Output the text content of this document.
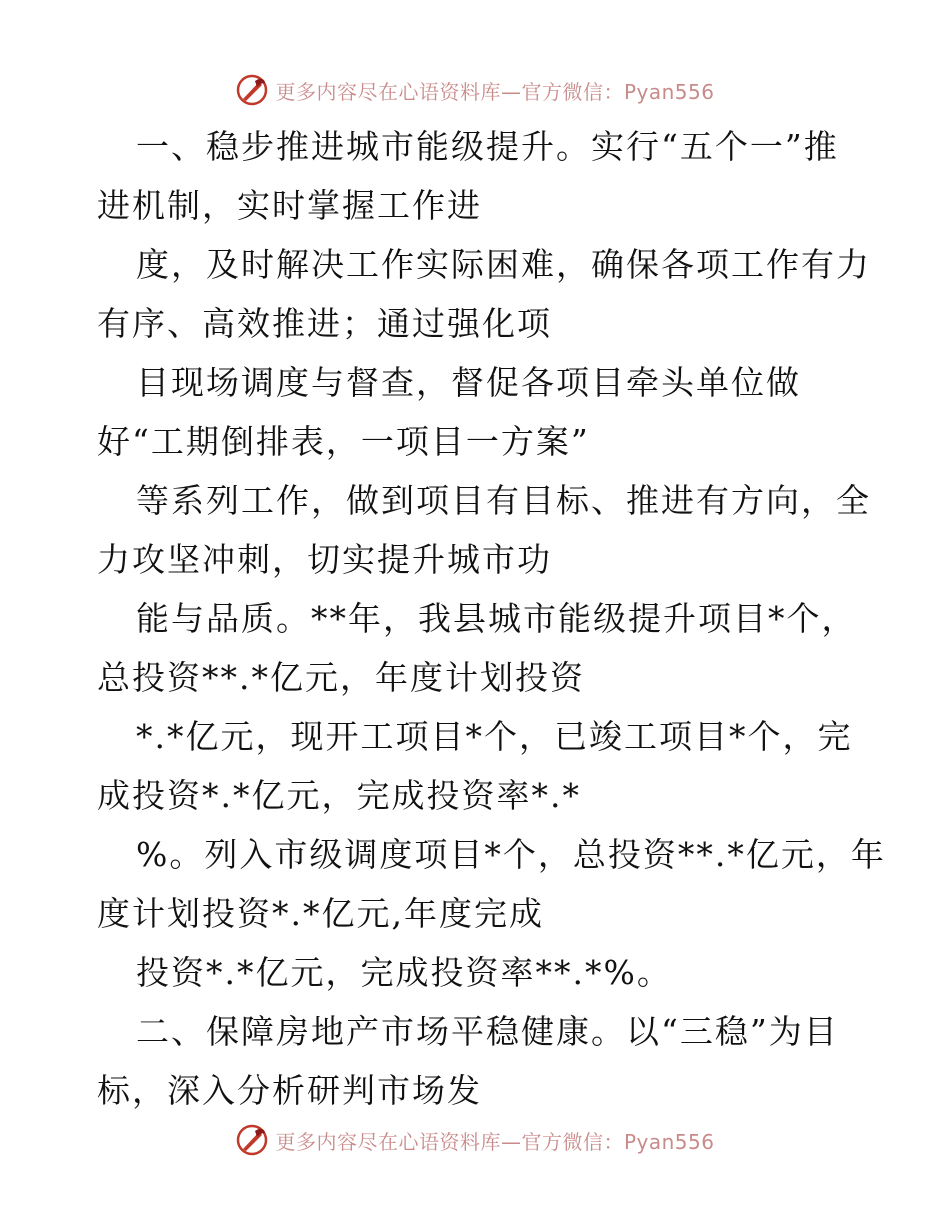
更多内容尽在心语资料库—官方微信：Pyan556
一、稳步推进城市能级提升。实行“五个一”推
进机制，实时掌握工作进
度，及时解决工作实际困难，确保各项工作有力
有序、高效推进；通过强化项
目现场调度与督查，督促各项目牵头单位做
好“工期倒排表，一项目一方案”
等系列工作，做到项目有目标、推进有方向，全
力攻坚冲刺，切实提升城市功
能与品质。**年，我县城市能级提升项目*个，
总投资**.*亿元，年度计划投资
*.*亿元，现开工项目*个，已竣工项目*个，完
成投资*.*亿元，完成投资率*.*
%。列入市级调度项目*个，总投资**.*亿元，年
度计划投资*.*亿元,年度完成
投资*.*亿元，完成投资率**.*%。
二、保障房地产市场平稳健康。以“三稳”为目
标，深入分析研判市场发
更多内容尽在心语资料库—官方微信：Pyan556
